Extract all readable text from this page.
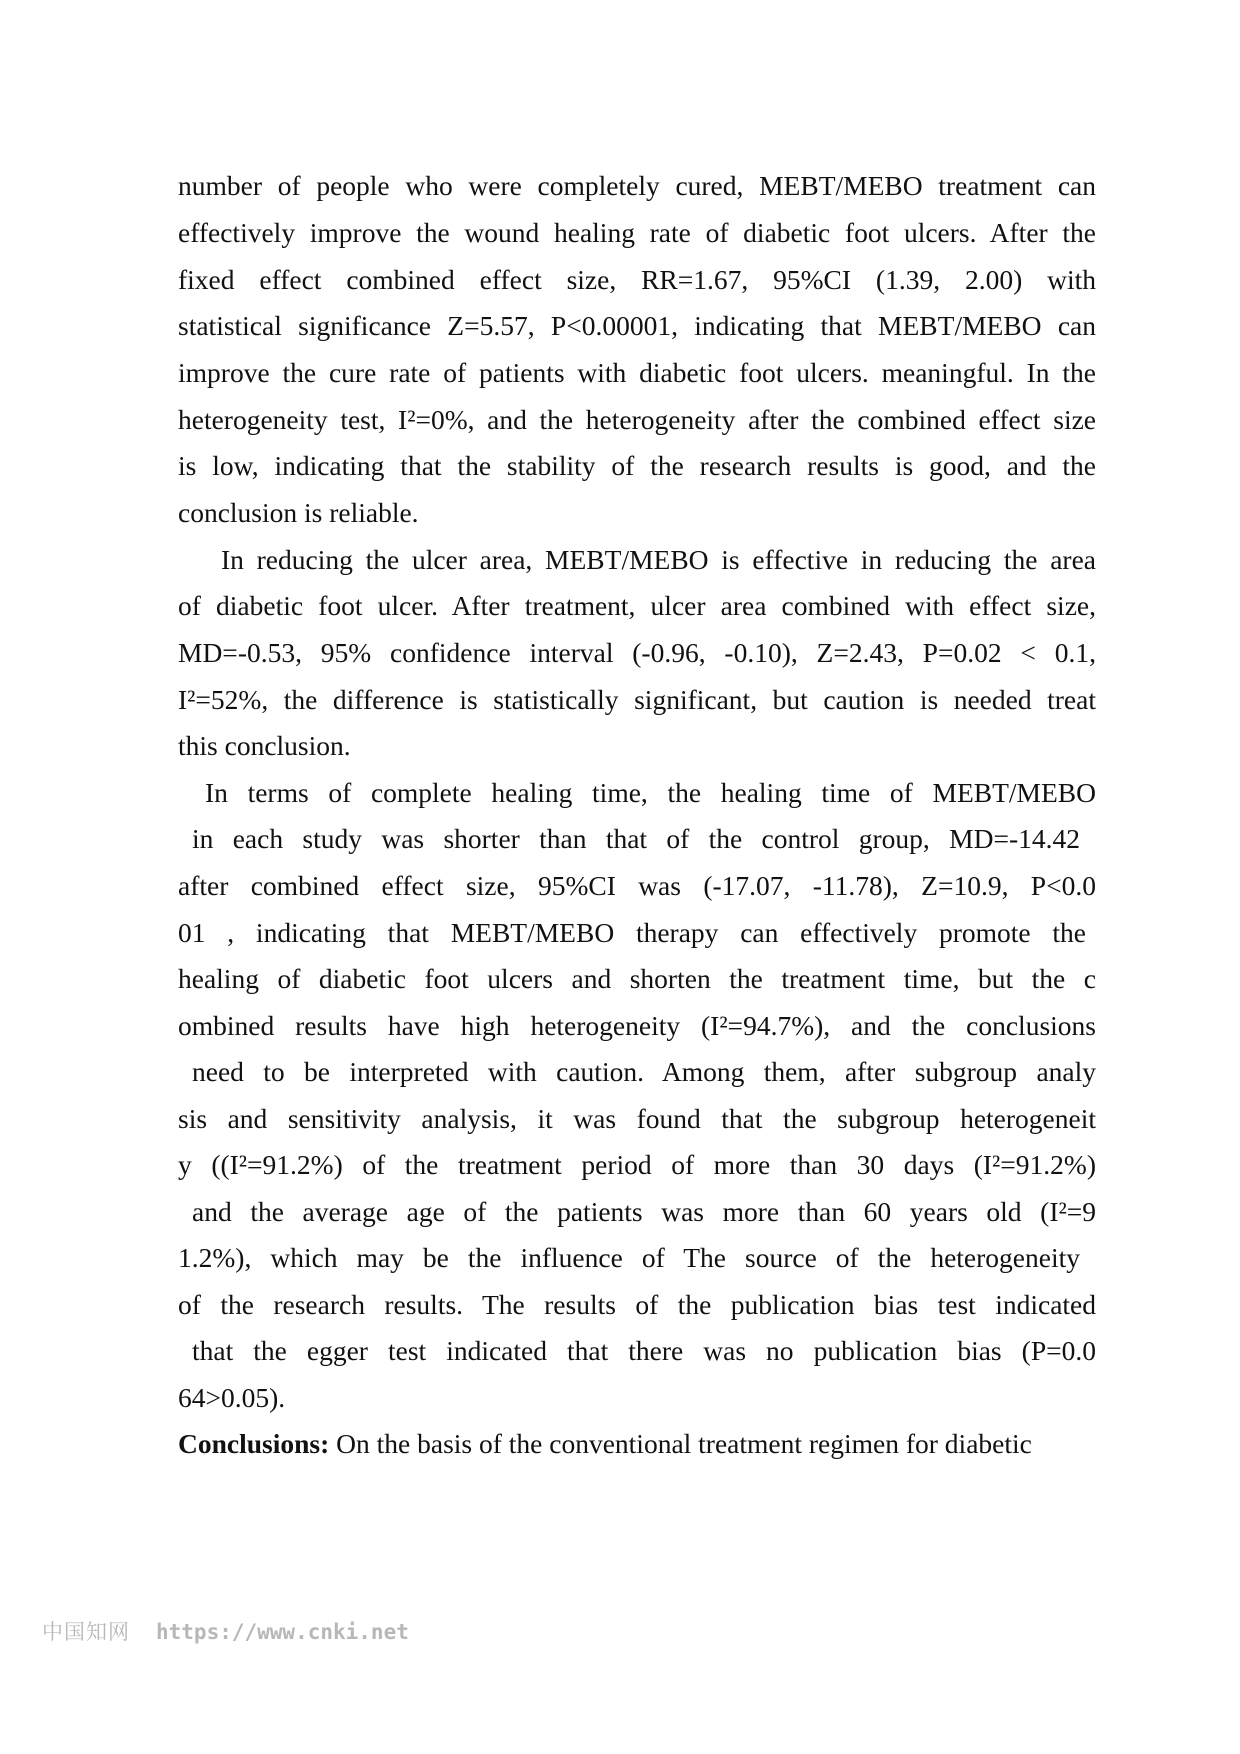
number of people who were completely cured, MEBT/MEBO treatment can
effectively improve the wound healing rate of diabetic foot ulcers. After the
fixed effect combined effect size, RR=1.67, 95%CI (1.39, 2.00) with
statistical significance Z=5.57, P<0.00001, indicating that MEBT/MEBO can
improve the cure rate of patients with diabetic foot ulcers. meaningful. In the
heterogeneity test, I²=0%, and the heterogeneity after the combined effect size
is low, indicating that the stability of the research results is good, and the
conclusion is reliable.
In reducing the ulcer area, MEBT/MEBO is effective in reducing the area
of diabetic foot ulcer. After treatment, ulcer area combined with effect size,
MD=-0.53, 95% confidence interval (-0.96, -0.10), Z=2.43, P=0.02 < 0.1,
I²=52%, the difference is statistically significant, but caution is needed treat
this conclusion.
In terms of complete healing time, the healing time of MEBT/MEBO
in each study was shorter than that of the control group, MD=-14.42
after combined effect size, 95%CI was (-17.07, -11.78), Z=10.9, P<0.0
01 , indicating that MEBT/MEBO therapy can effectively promote the
healing of diabetic foot ulcers and shorten the treatment time, but the c
ombined results have high heterogeneity (I²=94.7%), and the conclusions
need to be interpreted with caution. Among them, after subgroup analy
sis and sensitivity analysis, it was found that the subgroup heterogeneit
y ((I²=91.2%) of the treatment period of more than 30 days (I²=91.2%)
and the average age of the patients was more than 60 years old (I²=9
1.2%), which may be the influence of The source of the heterogeneity
of the research results. The results of the publication bias test indicated
that the egger test indicated that there was no publication bias (P=0.0
64>0.05).
Conclusions: On the basis of the conventional treatment regimen for diabetic
中国知网 https://www.cnki.net
